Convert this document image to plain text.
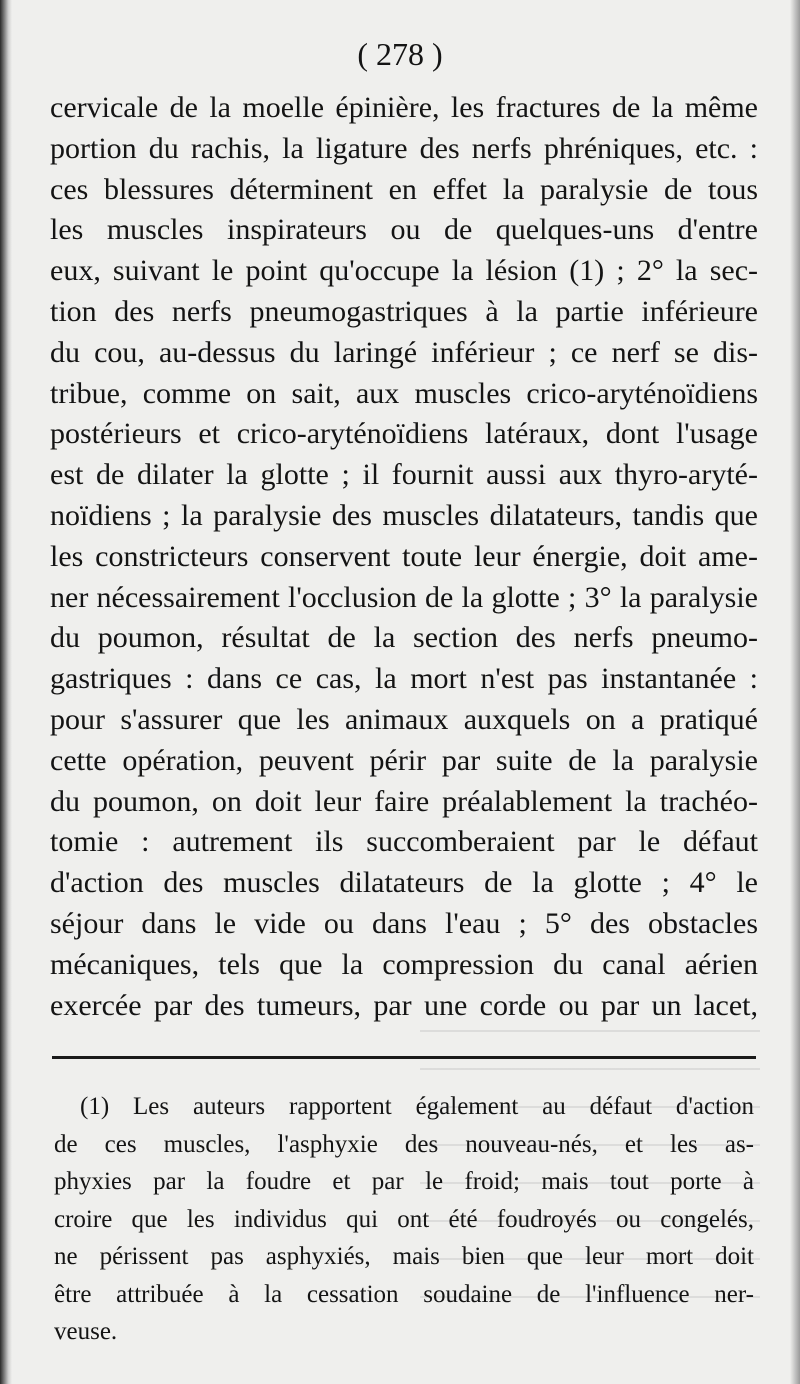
( 278 )
cervicale de la moelle épinière, les fractures de la même
portion du rachis, la ligature des nerfs phréniques, etc. :
ces blessures déterminent en effet la paralysie de tous
les muscles inspirateurs ou de quelques-uns d'entre
eux, suivant le point qu'occupe la lésion (1) ; 2° la sec-
tion des nerfs pneumogastriques à la partie inférieure
du cou, au-dessus du laringé inférieur ; ce nerf se dis-
tribue, comme on sait, aux muscles crico-aryténoïdiens
postérieurs et crico-aryténoïdiens latéraux, dont l'usage
est de dilater la glotte ; il fournit aussi aux thyro-aryté-
noïdiens ; la paralysie des muscles dilatateurs, tandis que
les constricteurs conservent toute leur énergie, doit ame-
ner nécessairement l'occlusion de la glotte ; 3° la paralysie
du poumon, résultat de la section des nerfs pneumo-
gastriques : dans ce cas, la mort n'est pas instantanée :
pour s'assurer que les animaux auxquels on a pratiqué
cette opération, peuvent périr par suite de la paralysie
du poumon, on doit leur faire préalablement la trachéo-
tomie : autrement ils succomberaient par le défaut
d'action des muscles dilatateurs de la glotte ; 4° le
séjour dans le vide ou dans l'eau ; 5° des obstacles
mécaniques, tels que la compression du canal aérien
exercée par des tumeurs, par une corde ou par un lacet,
(1) Les auteurs rapportent également au défaut d'action
de ces muscles, l'asphyxie des nouveau-nés, et les as-
phyxies par la foudre et par le froid; mais tout porte à
croire que les individus qui ont été foudroyés ou congelés,
ne périssent pas asphyxiés, mais bien que leur mort doit
être attribuée à la cessation soudaine de l'influence ner-
veuse.
